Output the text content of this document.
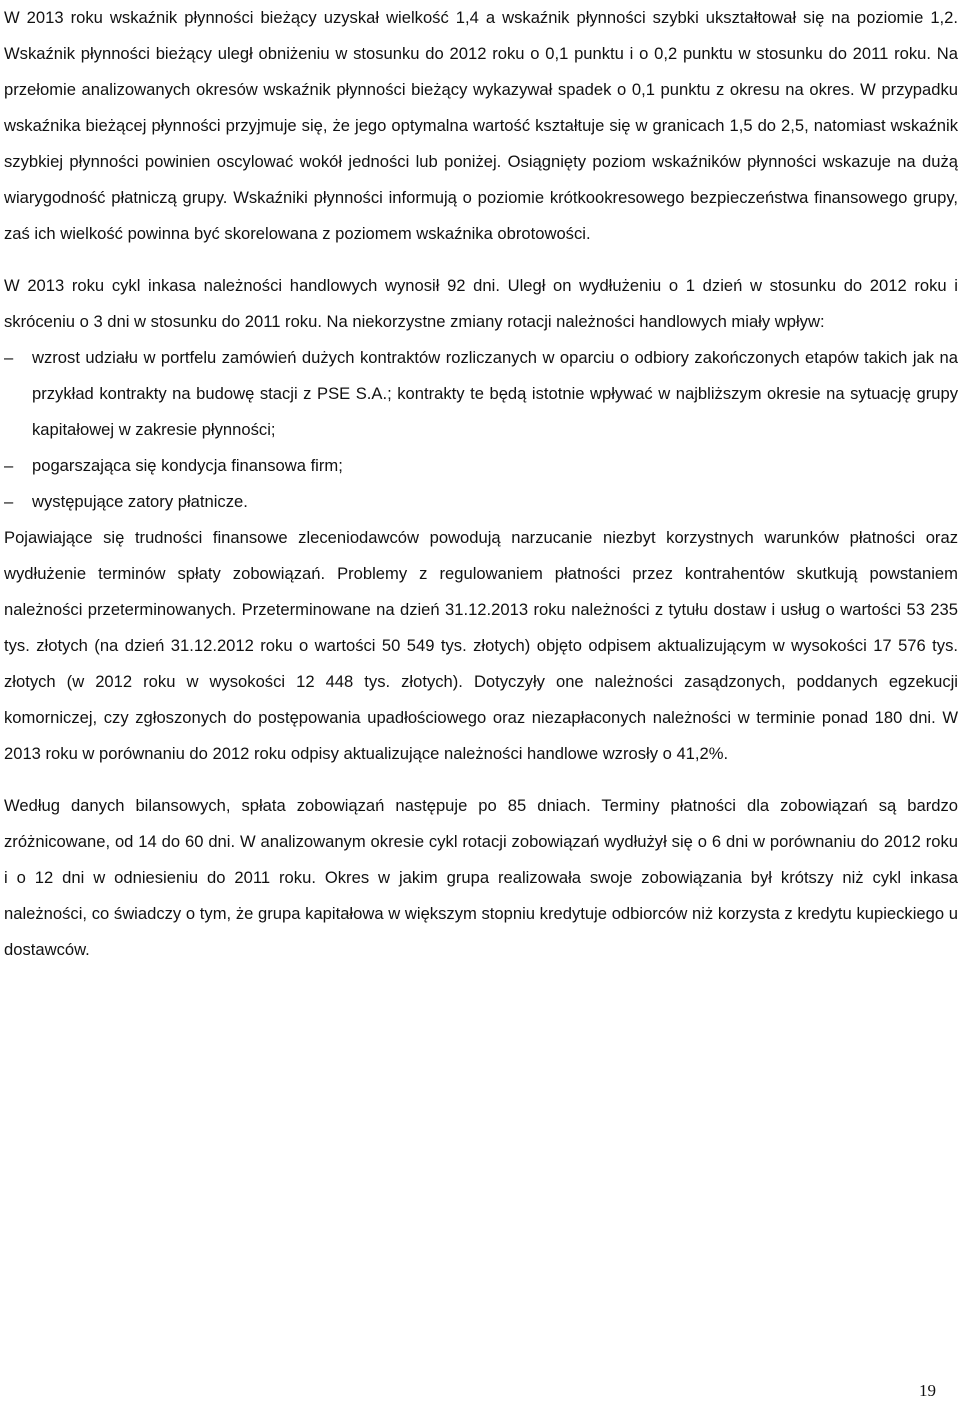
W 2013 roku wskaźnik płynności bieżący uzyskał wielkość 1,4 a wskaźnik płynności szybki ukształtował się na poziomie 1,2. Wskaźnik płynności bieżący uległ obniżeniu w stosunku do 2012 roku o 0,1 punktu i o 0,2 punktu w stosunku do 2011 roku. Na przełomie analizowanych okresów wskaźnik płynności bieżący wykazywał spadek o 0,1 punktu z okresu na okres. W przypadku wskaźnika bieżącej płynności przyjmuje się, że jego optymalna wartość kształtuje się w granicach 1,5 do 2,5, natomiast wskaźnik szybkiej płynności powinien oscylować wokół jedności lub poniżej. Osiągnięty poziom wskaźników płynności wskazuje na dużą wiarygodność płatniczą grupy. Wskaźniki płynności informują o poziomie krótkookresowego bezpieczeństwa finansowego grupy, zaś ich wielkość powinna być skorelowana z poziomem wskaźnika obrotowości.

W 2013 roku cykl inkasa należności handlowych wynosił 92 dni. Uległ on wydłużeniu o 1 dzień w stosunku do 2012 roku i skróceniu o 3 dni w stosunku do 2011 roku. Na niekorzystne zmiany rotacji należności handlowych miały wpływ:

–	wzrost udziału w portfelu zamówień dużych kontraktów rozliczanych w oparciu o odbiory zakończonych etapów takich jak na przykład kontrakty na budowę stacji z PSE S.A.; kontrakty te będą istotnie wpływać w najbliższym okresie na sytuację grupy kapitałowej w zakresie płynności;
–	pogarszająca się kondycja finansowa firm;
–	występujące zatory płatnicze.

Pojawiające się trudności finansowe zleceniodawców powodują narzucanie niezbyt korzystnych warunków płatności oraz wydłużenie terminów spłaty zobowiązań. Problemy z regulowaniem płatności przez kontrahentów skutkują powstaniem należności przeterminowanych. Przeterminowane na dzień 31.12.2013 roku należności z tytułu dostaw i usług o wartości 53 235 tys. złotych (na dzień 31.12.2012 roku o wartości 50 549 tys. złotych) objęto odpisem aktualizującym w wysokości 17 576 tys. złotych (w 2012 roku w wysokości 12 448 tys. złotych). Dotyczyły one należności zasądzonych, poddanych egzekucji komorniczej, czy zgłoszonych do postępowania upadłościowego oraz niezapłaconych należności w terminie ponad 180 dni. W 2013 roku w porównaniu do 2012 roku odpisy aktualizujące należności handlowe wzrosły o 41,2%.

Według danych bilansowych, spłata zobowiązań następuje po 85 dniach. Terminy płatności dla zobowiązań są bardzo zróżnicowane, od 14 do 60 dni. W analizowanym okresie cykl rotacji zobowiązań wydłużył się o 6 dni w porównaniu do 2012 roku i o 12 dni w odniesieniu do 2011 roku. Okres w jakim grupa realizowała swoje zobowiązania był krótszy niż cykl inkasa należności, co świadczy o tym, że grupa kapitałowa w większym stopniu kredytuje odbiorców niż korzysta z kredytu kupieckiego u dostawców.

19
